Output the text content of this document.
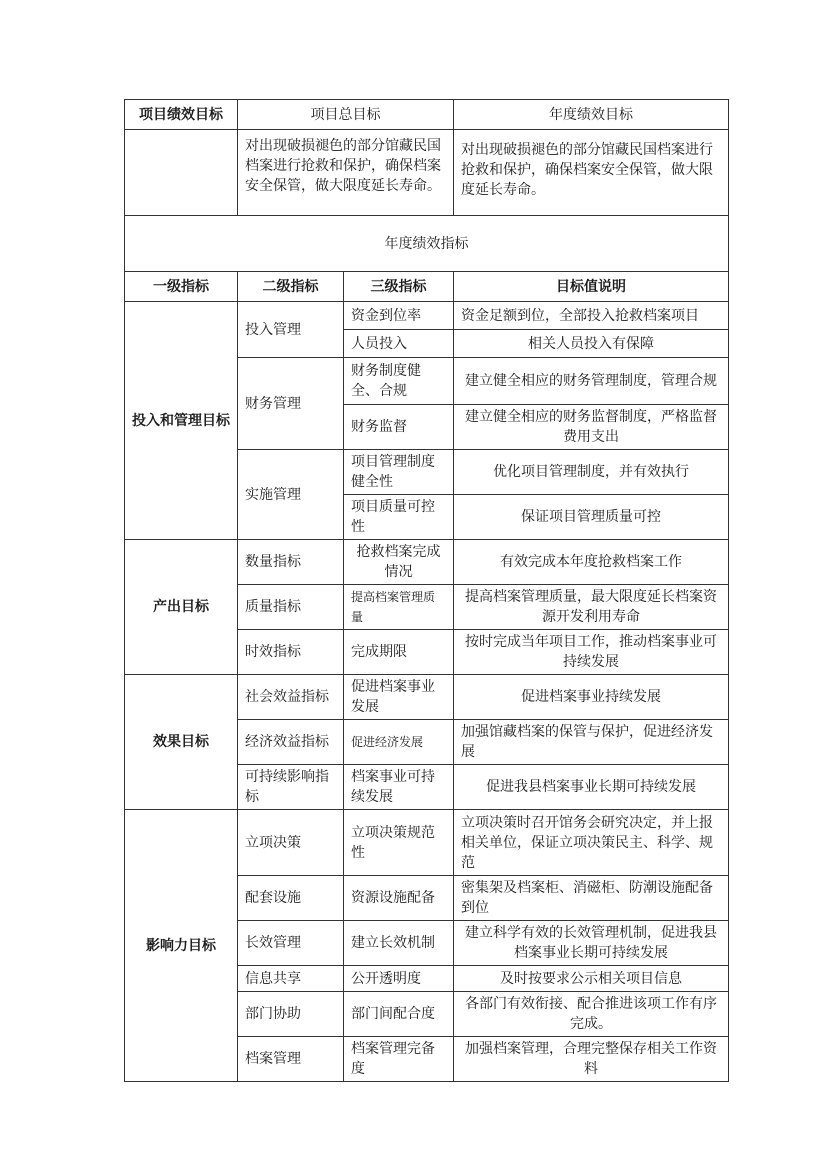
项目绩效目标	项目总目标		年度绩效目标
	对出现破损褪色的部分馆藏民国档案进行抢救和保护，确保档案安全保管，做大限度延长寿命。		对出现破损褪色的部分馆藏民国档案进行抢救和保护，确保档案安全保管，做大限度延长寿命。
年度绩效指标			
一级指标	二级指标	三级指标	目标值说明
投入和管理目标	投入管理	资金到位率	资金足额到位，全部投入抢救档案项目
		人员投入	相关人员投入有保障
	财务管理	财务制度健全、合规	建立健全相应的财务管理制度，管理合规
		财务监督	建立健全相应的财务监督制度，严格监督费用支出
	实施管理	项目管理制度健全性	优化项目管理制度，并有效执行
		项目质量可控性	保证项目管理质量可控
产出目标	数量指标	抢救档案完成情况	有效完成本年度抢救档案工作
	质量指标	提高档案管理质量	提高档案管理质量，最大限度延长档案资源开发利用寿命
	时效指标	完成期限	按时完成当年项目工作，推动档案事业可持续发展
效果目标	社会效益指标	促进档案事业发展	促进档案事业持续发展
	经济效益指标	促进经济发展	加强馆藏档案的保管与保护，促进经济发展
	可持续影响指标	档案事业可持续发展	促进我县档案事业长期可持续发展
影响力目标	立项决策	立项决策规范性	立项决策时召开馆务会研究决定，并上报相关单位，保证立项决策民主、科学、规范
	配套设施	资源设施配备	密集架及档案柜、消磁柜、防潮设施配备到位
	长效管理	建立长效机制	建立科学有效的长效管理机制，促进我县档案事业长期可持续发展
	信息共享	公开透明度	及时按要求公示相关项目信息
	部门协助	部门间配合度	各部门有效衔接、配合推进该项工作有序完成。
	档案管理	档案管理完备度	加强档案管理，合理完整保存相关工作资料
